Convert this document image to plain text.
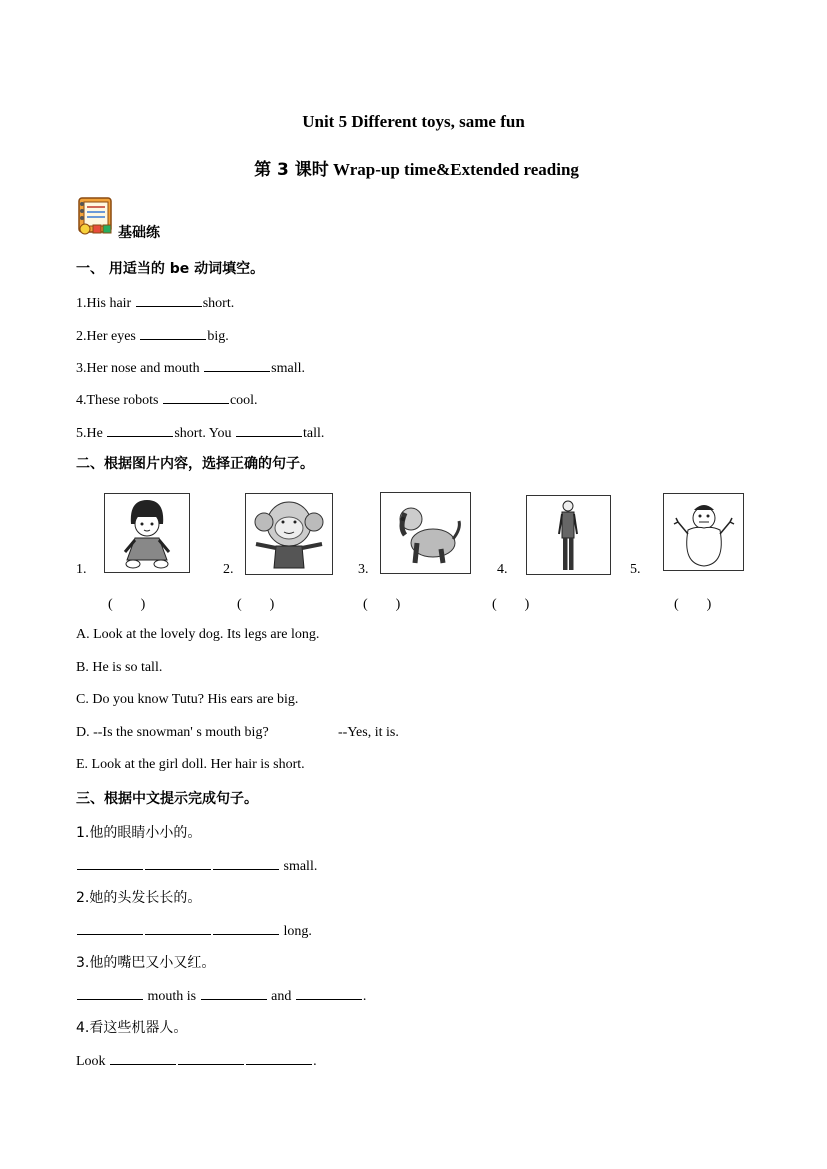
Unit 5 Different toys, same fun
第 3 课时 Wrap-up time&Extended reading
基础练
一、 用适当的 be 动词填空。
1.His hair	short.
2.Her eyes	big.
3.Her nose and mouth	small.
4.These robots	cool.
5.He	short. You	tall.
二、根据图片内容，选择正确的句子。
1.
(　　)
2.
(　　)
3.
(　　)
4.
(　　)
5.
(　　)
A. Look at the lovely dog. Its legs are long.
B. He is so tall.
C. Do you know Tutu? His ears are big.
D. --Is the snowman' s mouth big?	--Yes, it is.
E. Look at the girl doll. Her hair is short.
三、根据中文提示完成句子。
1.他的眼睛小小的。
small.
2.她的头发长长的。
long.
3.他的嘴巴又小又红。
mouth is	and	.
4.看这些机器人。
Look	.
